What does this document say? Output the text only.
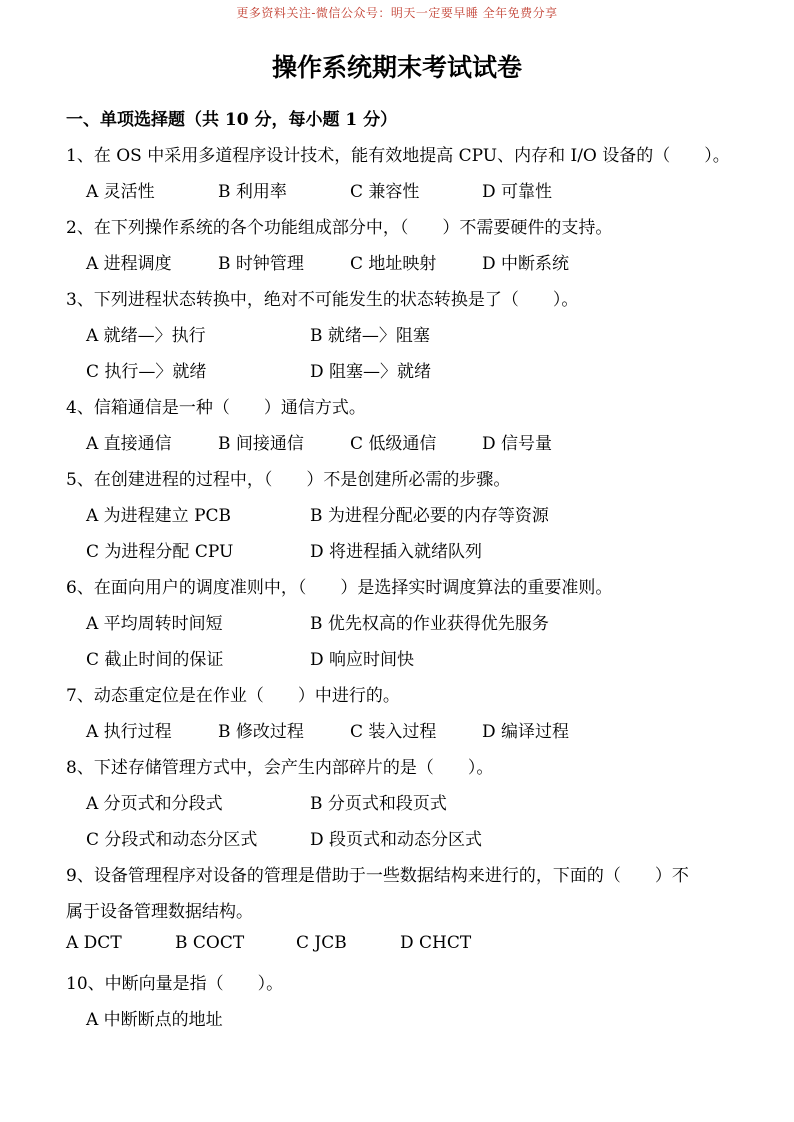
更多资料关注-微信公众号：明天一定要早睡 全年免费分享
操作系统期末考试试卷
一、单项选择题（共 10 分，每小题 1 分）
1、在 OS 中采用多道程序设计技术，能有效地提高 CPU、内存和 I/O 设备的（　　）。
A 灵活性	B 利用率	C 兼容性	D 可靠性
2、在下列操作系统的各个功能组成部分中，（　　）不需要硬件的支持。
A 进程调度	B 时钟管理	C 地址映射	D 中断系统
3、下列进程状态转换中，绝对不可能发生的状态转换是了（　　）。
A 就绪—〉执行	B 就绪—〉阻塞
C 执行—〉就绪	D 阻塞—〉就绪
4、信箱通信是一种（　　）通信方式。
A 直接通信	B 间接通信	C 低级通信	D 信号量
5、在创建进程的过程中，（　　）不是创建所必需的步骤。
A 为进程建立 PCB	B 为进程分配必要的内存等资源
C 为进程分配 CPU	D 将进程插入就绪队列
6、在面向用户的调度准则中，（　　）是选择实时调度算法的重要准则。
A 平均周转时间短	B 优先权高的作业获得优先服务
C 截止时间的保证	D 响应时间快
7、动态重定位是在作业（　　）中进行的。
A 执行过程	B 修改过程	C 装入过程	D 编译过程
8、下述存储管理方式中，会产生内部碎片的是（　　）。
A 分页式和分段式	B 分页式和段页式
C 分段式和动态分区式	D 段页式和动态分区式
9、设备管理程序对设备的管理是借助于一些数据结构来进行的，下面的（　　）不
属于设备管理数据结构。
A DCT	B COCT	C JCB	D CHCT
10、中断向量是指（　　）。
A 中断断点的地址
